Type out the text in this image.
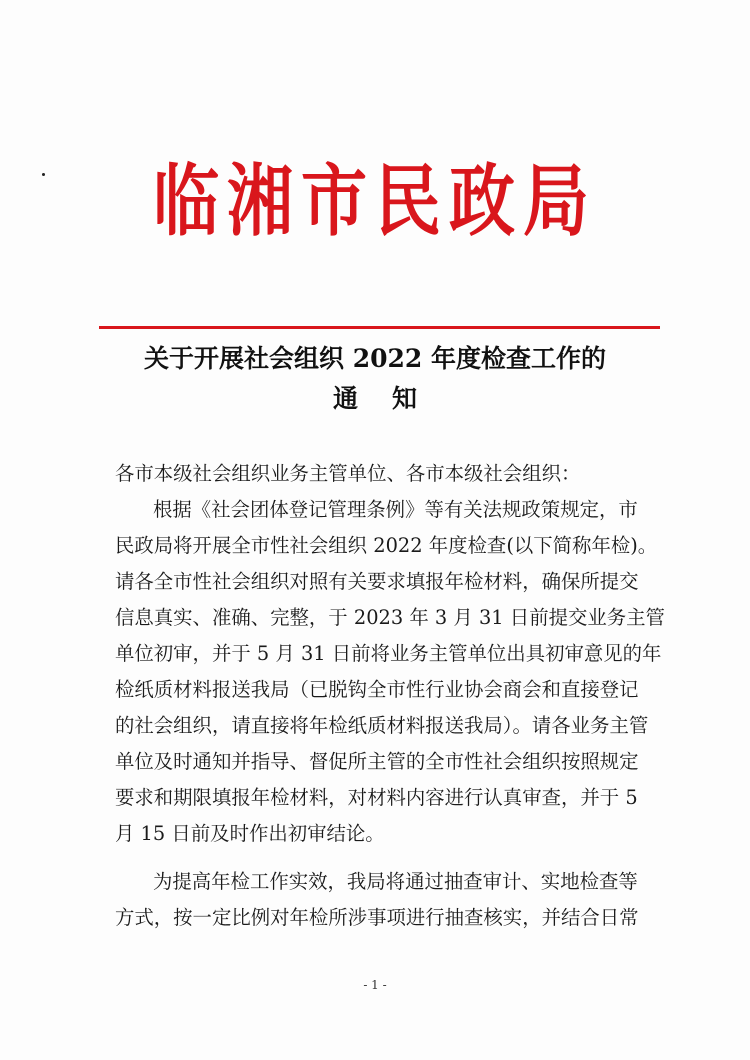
临湘市民政局
关于开展社会组织 2022 年度检查工作的
通知
各市本级社会组织业务主管单位、各市本级社会组织：
根据《社会团体登记管理条例》等有关法规政策规定，市
民政局将开展全市性社会组织 2022 年度检查(以下简称年检)。
请各全市性社会组织对照有关要求填报年检材料，确保所提交
信息真实、准确、完整，于 2023 年 3 月 31 日前提交业务主管
单位初审，并于 5 月 31 日前将业务主管单位出具初审意见的年
检纸质材料报送我局（已脱钩全市性行业协会商会和直接登记
的社会组织，请直接将年检纸质材料报送我局）。请各业务主管
单位及时通知并指导、督促所主管的全市性社会组织按照规定
要求和期限填报年检材料，对材料内容进行认真审查，并于 5
月 15 日前及时作出初审结论。
为提高年检工作实效，我局将通过抽查审计、实地检查等
方式，按一定比例对年检所涉事项进行抽查核实，并结合日常
- 1 -
